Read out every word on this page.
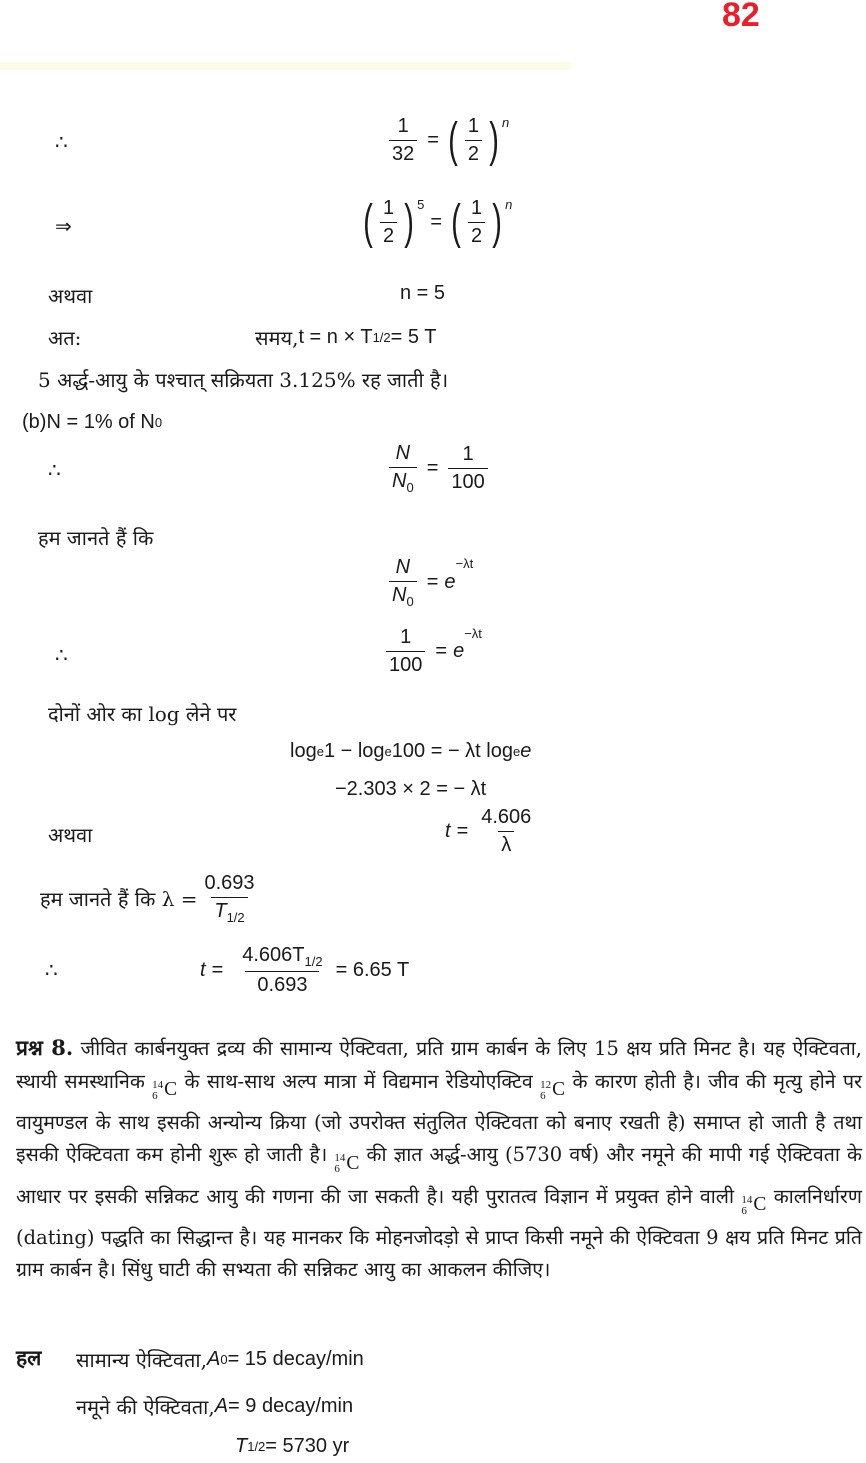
82
∴	$\frac{1}{32}$ = ( $\frac{1}{2}$ ) $^n$
⇒	( $\frac{1}{2} )^5$
= ( $\frac{1}{2}$ ) $^n$
अथवा	n = 5
अत:	समय, t = n × T 1/2 = 5 T
5 अर्द्ध-आयु के पश्चात् सक्रियता 3.125% रह जाती है।
(b) N = 1% of N 0
∴	$\frac{N}{N_0} = \frac{1}{100}$
हम जानते हैं कि
$\frac{N}{N_0} = e$
−λt
∴	$\frac{1}{100} = e$
$^{-\lambda t}$
दोनों ओर का log लेने पर
log e 1 − log e 100 = − λt log e e
−2.303 × 2 = − λt
अथवा	$t = \frac{4.606}{\lambda}$
हम जानते हैं कि $\lambda = \frac{0.693}{T_{1/2}}$
∴	$t = \frac{4.606T_{1/2}}{0.693} = 6.65$ T
प्रश्न 8. जीवित कार्बनयुक्त द्रव्य की सामान्य ऐक्टिवता, प्रति ग्राम कार्बन के लिए 15 क्षय प्रति मिनट है। यह ऐक्टिवता, स्थायी समस्थानिक 14
6 C के साथ-साथ अल्प मात्रा में विद्यमान रेडियोएक्टिव 12
6 C के कारण होती है। जीव की मृत्यु होने पर वायुमण्डल के साथ इसकी अन्योन्य क्रिया (जो उपरोक्त संतुलित ऐक्टिवता को बनाए रखती है) समाप्त हो जाती है तथा इसकी ऐक्टिवता कम होनी शुरू हो जाती है। 14
6 C की ज्ञात अर्द्ध-आयु (5730 वर्ष) और नमूने की मापी गई ऐक्टिवता के आधार पर इसकी सन्निकट आयु की गणना की जा सकती है। यही पुरातत्व विज्ञान में प्रयुक्त होने वाली 14
6 C कालनिर्धारण (dating) पद्धति का सिद्धान्त है। यह मानकर कि मोहनजोदड़ो से प्राप्त किसी नमूने की ऐक्टिवता 9 क्षय प्रति मिनट प्रति ग्राम कार्बन है। सिंधु घाटी की सभ्यता की सन्निकट आयु का आकलन कीजिए।
हल सामान्य ऐक्टिवता, A 0 = 15 decay/min
नमूने की ऐक्टिवता, A = 9 decay/min
T 1/2 = 5730 yr
